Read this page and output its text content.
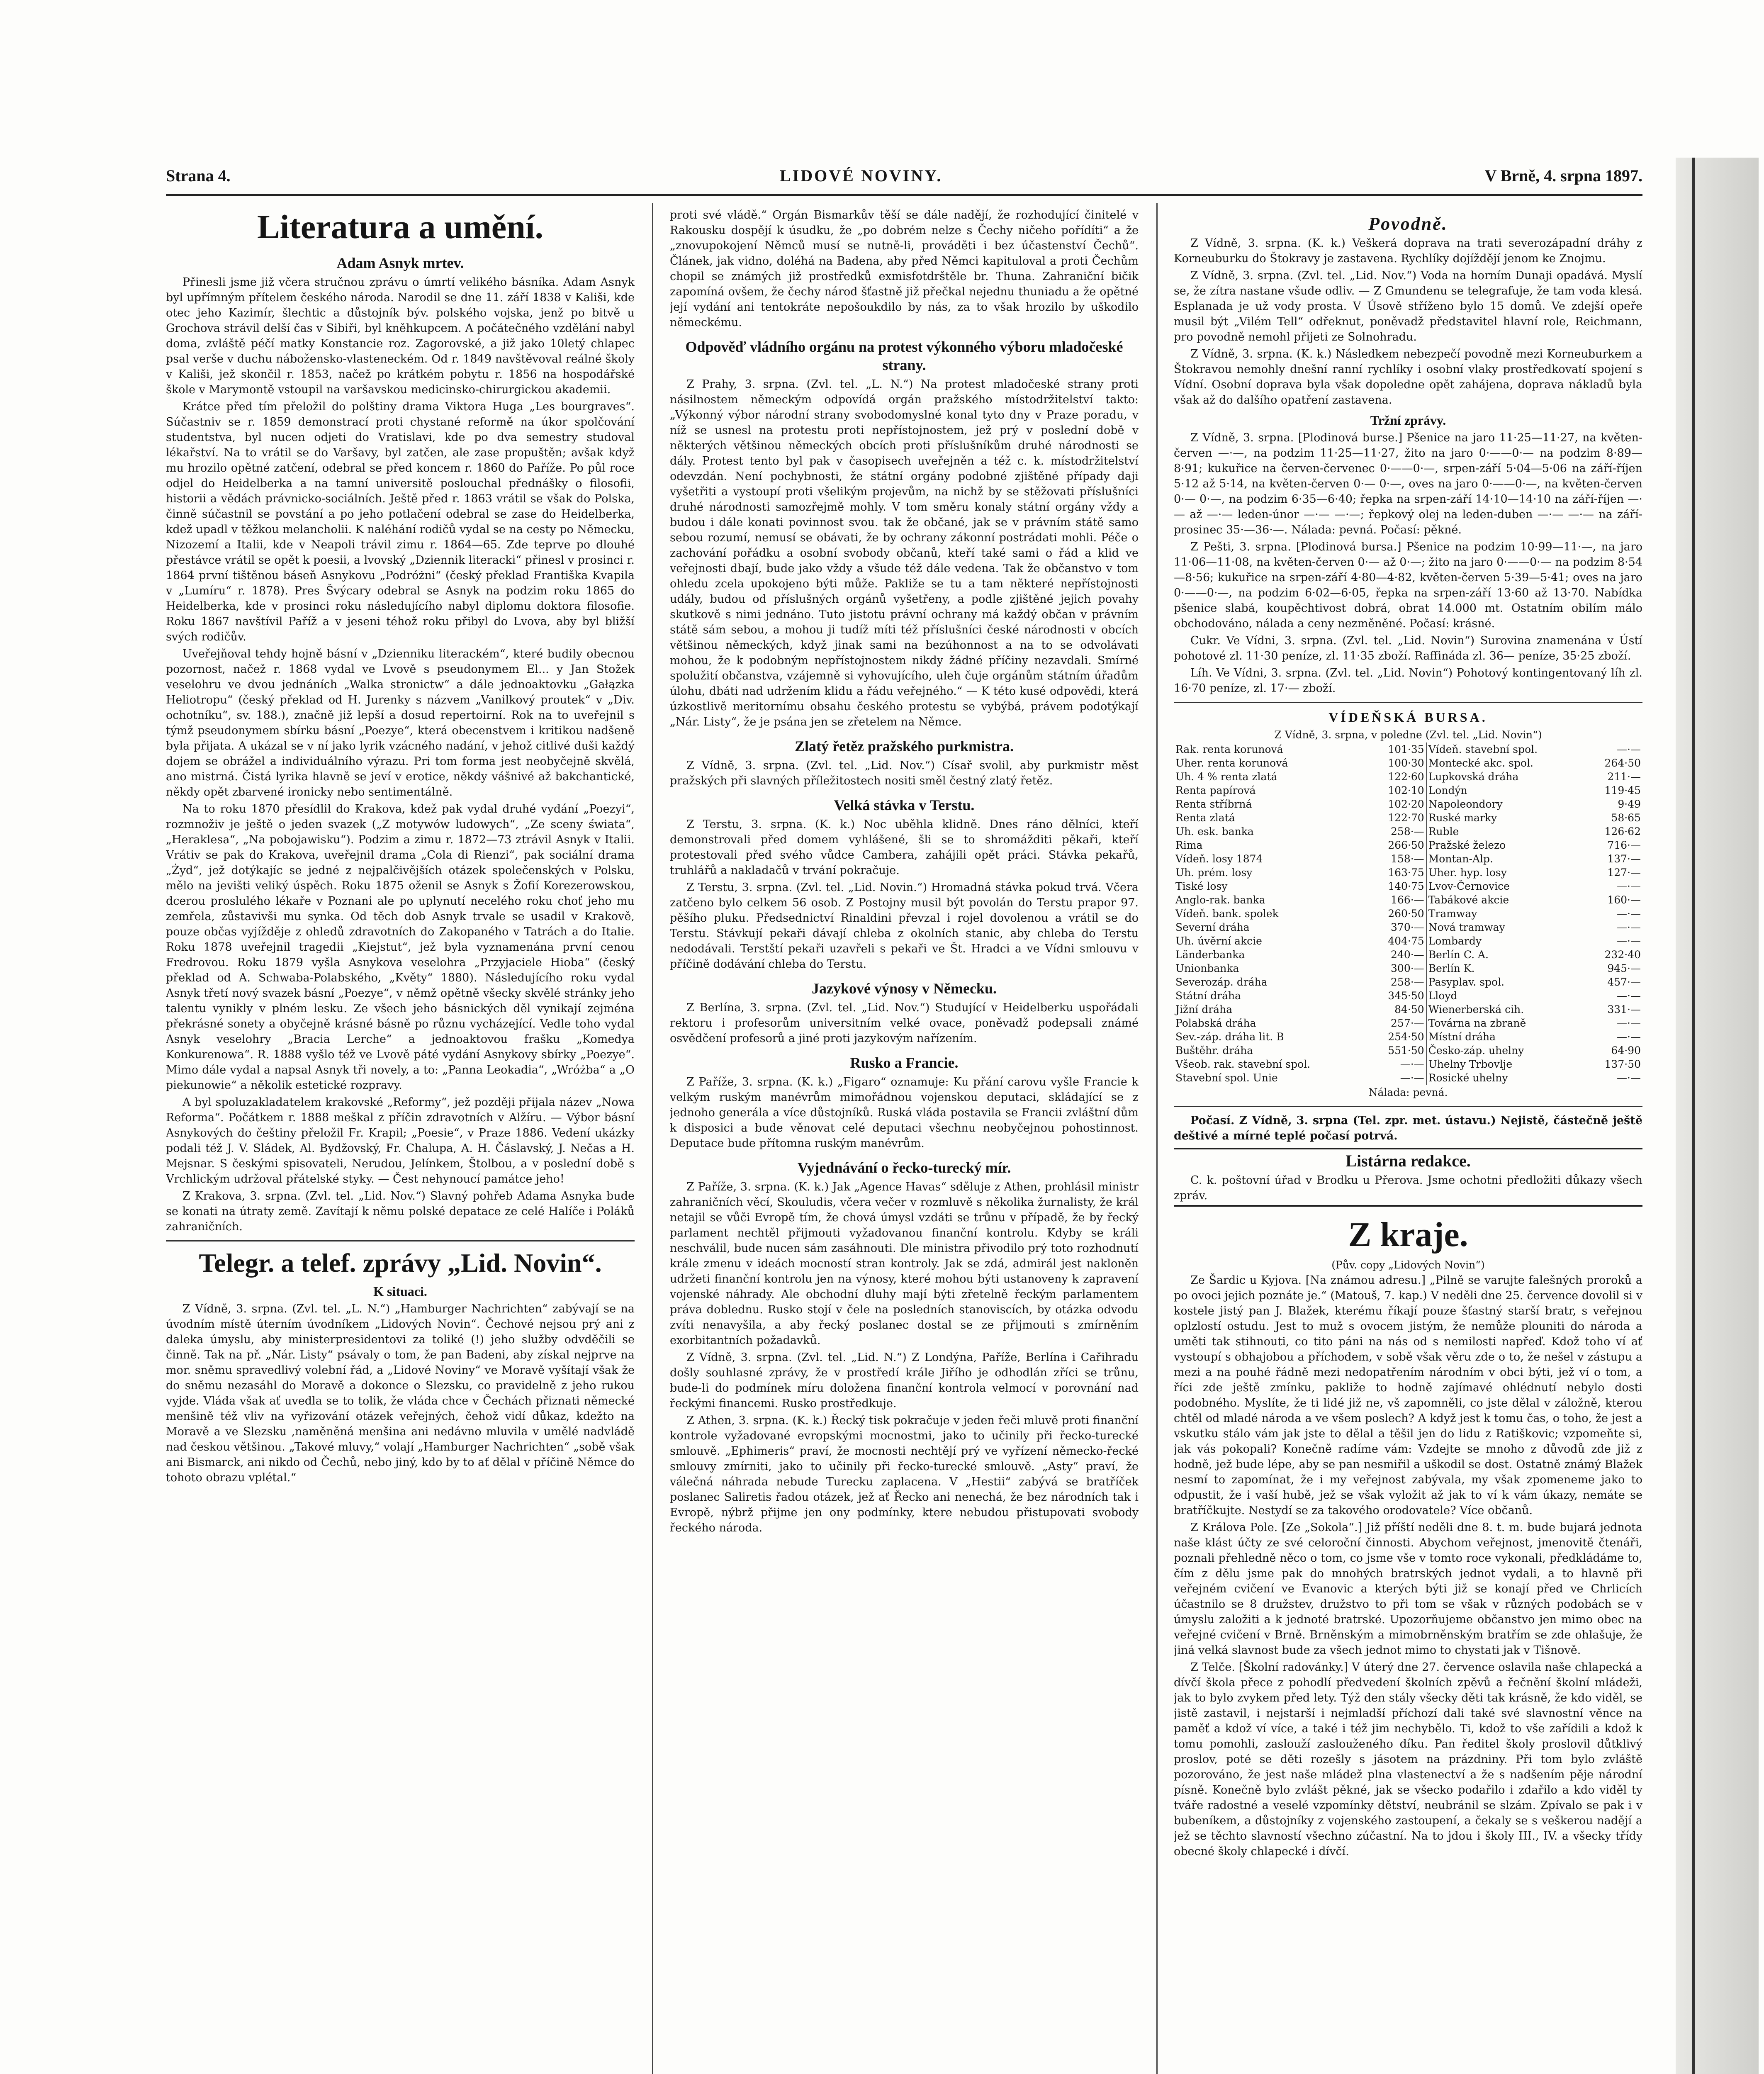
Strana 4.	LIDOVÉ NOVINY.	V Brně, 4. srpna 1897.
Literatura a umění.
Adam Asnyk mrtev.

Přinesli jsme již včera stručnou zprávu o úmrtí velikého básníka. Adam Asnyk byl upřímným přítelem českého národa. Narodil se dne 11. září 1838 v Kališi, kde otec jeho Kazimír, šlechtic a důstojník býv. polského vojska, jenž po bitvě u Grochova strávil delší čas v Sibiři, byl kněhkupcem. A počátečného vzdělání nabyl doma, zvláště péčí matky Konstancie roz. Zagorovské, a již jako 10letý chlapec psal verše v duchu nábožensko-vlasteneckém. Od r. 1849 navštěvoval reálné školy v Kališi, jež skončil r. 1853, načež po krátkém pobytu r. 1856 na hospodářské škole v Marymontě vstoupil na varšavskou medicinsko-chirurgickou akademii.

Krátce před tím přeložil do polštiny drama Viktora Huga „Les bourgraves“. Súčastniv se r. 1859 demonstrací proti chystané reformě na úkor spolčování studentstva, byl nucen odjeti do Vratislavi, kde po dva semestry studoval lékařství. Na to vrátil se do Varšavy, byl zatčen, ale zase propuštěn; avšak když mu hrozilo opětné zatčení, odebral se před koncem r. 1860 do Paříže. Po půl roce odjel do Heidelberka a na tamní universitě poslouchal přednášky o filosofii, historii a vědách právnicko-sociálních. Ještě před r. 1863 vrátil se však do Polska, činně súčastnil se povstání a po jeho potlačení odebral se zase do Heidelberka, kdež upadl v těžkou melancholii. K naléhání rodičů vydal se na cesty po Německu, Nizozemí a Italii, kde v Neapoli trávil zimu r. 1864—65. Zde teprve po dlouhé přestávce vrátil se opět k poesii, a lvovský „Dziennik literacki“ přinesl v prosinci r. 1864 první tištěnou báseň Asnykovu „Podróżni“ (český překlad Františka Kvapila v „Lumíru“ r. 1878). Pres Švýcary odebral se Asnyk na podzim roku 1865 do Heidelberka, kde v prosinci roku následujícího nabyl diplomu doktora filosofie. Roku 1867 navštívil Paříž a v jeseni téhož roku přibyl do Lvova, aby byl bližší svých rodičův.

Uveřejňoval tehdy hojně básní v „Dzienniku literackém“, které budily obecnou pozornost, načež r. 1868 vydal ve Lvově s pseudonymem El... y Jan Stožek veselohru ve dvou jednáních „Walka stronictw“ a dále jednoaktovku „Gałązka Heliotropu“ (český překlad od H. Jurenky s názvem „Vanilkový proutek“ v „Div. ochotníku“, sv. 188.), značně již lepší a dosud repertoirní. Rok na to uveřejnil s týmž pseudonymem sbírku básní „Poezye“, která obecenstvem i kritikou nadšeně byla přijata. A ukázal se v ní jako lyrik vzácného nadání, v jehož citlivé duši každý dojem se obrážel a individuálního výrazu. Pri tom forma jest neobyčejně skvělá, ano mistrná. Čistá lyrika hlavně se jeví v erotice, někdy vášnivé až bakchantické, někdy opět zbarvené ironicky nebo sentimentálně.

Na to roku 1870 přesídlil do Krakova, kdež pak vydal druhé vydání „Poezyi“, rozmnoživ je ještě o jeden svazek („Z motywów ludowych“, „Ze sceny świata“, „Heraklesa“, „Na pobojawisku“). Podzim a zimu r. 1872—73 ztrávil Asnyk v Italii. Vrátiv se pak do Krakova, uveřejnil drama „Cola di Rienzi“, pak sociální drama „Żyd“, jež dotýkajíc se jedné z nejpalčivějších otázek společenských v Polsku, mělo na jevišti veliký úspěch. Roku 1875 oženil se Asnyk s Žofií Korezerowskou, dcerou proslulého lékaře v Poznani ale po uplynutí necelého roku choť jeho mu zemřela, zůstavivši mu synka. Od těch dob Asnyk trvale se usadil v Krakově, pouze občas vyjížděje z ohledů zdravotních do Zakopaného v Tatrách a do Italie. Roku 1878 uveřejnil tragedii „Kiejstut“, jež byla vyznamenána první cenou Fredrovou. Roku 1879 vyšla Asnykova veselohra „Przyjaciele Hioba“ (český překlad od A. Schwaba-Polabského, „Květy“ 1880). Následujícího roku vydal Asnyk třetí nový svazek básní „Poezye“, v němž opětně všecky skvělé stránky jeho talentu vynikly v plném lesku. Ze všech jeho básnických děl vynikají zejména překrásné sonety a obyčejně krásné básně po různu vycházející. Vedle toho vydal Asnyk veselohry „Bracia Lerche“ a jednoaktovou frašku „Komedya Konkurenowa“. R. 1888 vyšlo též ve Lvově páté vydání Asnykovy sbírky „Poezye“. Mimo dále vydal a napsal Asnyk tři novely, a to: „Panna Leokadia“, „Wróżba“ a „O piekunowie“ a několik estetické rozpravy.

A byl spoluzakladatelem krakovské „Reformy“, jež později přijala název „Nowa Reforma“. Počátkem r. 1888 meškal z příčin zdravotních v Alžíru. — Výbor básní Asnykových do češtiny přeložil Fr. Krapil; „Poesie“, v Praze 1886. Vedení ukázky podali též J. V. Sládek, Al. Bydžovský, Fr. Chalupa, A. H. Čáslavský, J. Nečas a H. Mejsnar. S českými spisovateli, Nerudou, Jelínkem, Štolbou, a v poslední době s Vrchlickým udržoval přátelské styky. — Čest nehynoucí památce jeho!

Z Krakova, 3. srpna. (Zvl. tel. „Lid. Nov.“) Slavný pohřeb Adama Asnyka bude se konati na útraty země. Zavítají k němu polské depatace ze celé Halíče i Poláků zahraničních.

Telegr. a telef. zprávy „Lid. Novin“.
K situaci.

Z Vídně, 3. srpna. (Zvl. tel. „L. N.“) „Hamburger Nachrichten“ zabývají se na úvodním místě úterním úvodníkem „Lidových Novin“. Čechové nejsou prý ani z daleka úmyslu, aby ministerpresidentovi za toliké (!) jeho služby odvděčili se činně. Tak na př. „Nár. Listy“ psávaly o tom, že pan Badeni, aby získal nejprve na mor. sněmu spravedlivý volební řád, a „Lidové Noviny“ ve Moravě vyšítají však že do sněmu nezasáhl do Moravě a dokonce o Slezsku, co pravidelně z jeho rukou vyjde. Vláda však ať uvedla se to tolik, že vláda chce v Čechách přiznati německé menšině též vliv na vyřizování otázek veřejných, čehož vidí důkaz, kdežto na Moravě a ve Slezsku ,naměněná menšina ani nedávno mluvila v umělé nadvládě nad českou většinou. „Takové mluvy,“ volají „Hamburger Nachrichten“ „sobě však ani Bismarck, ani nikdo od Čechů, nebo jiný, kdo by to ať dělal v příčině Němce do tohoto obrazu vplétal.“

proti své vládě.“ Orgán Bismarkův těší se dále nadějí, že rozhodující činitelé v Rakousku dospějí k úsudku, že „po dobrém nelze s Čechy ničeho pořídíti“ a že „znovupokojení Němců musí se nutně-li, prováděti i bez účastenství Čechů“. Článek, jak vidno, doléhá na Badena, aby před Němci kapituloval a proti Čechům chopil se známých již prostředků exmisfotdrštěle br. Thuna. Zahraniční bičik zapomíná ovšem, že čechy národ šťastně již přečkal nejednu thuniadu a že opětné její vydání ani tentokráte nepošoukdilo by nás, za to však hrozilo by uškodilo německému.

Odpověď vládního orgánu na protest výkonného výboru mladočeské strany.

Z Prahy, 3. srpna. (Zvl. tel. „L. N.“) Na protest mladočeské strany proti násilnostem německým odpovídá orgán pražského místodržitelství takto: „Výkonný výbor národní strany svobodomyslné konal tyto dny v Praze poradu, v níž se usnesl na protestu proti nepřístojnostem, jež prý v poslední době v některých většinou německých obcích proti příslušníkům druhé národnosti se dály. Protest tento byl pak v časopisech uveřejněn a též c. k. místodržitelství odevzdán. Není pochybnosti, že státní orgány podobné zjištěné případy daji vyšetřiti a vystoupí proti všelikým projevům, na nichž by se stěžovati příslušníci druhé národnosti samozřejmě mohly. V tom směru konaly státní orgány vždy a budou i dále konati povinnost svou. tak že občané, jak se v právním státě samo sebou rozumí, nemusí se obávati, že by ochrany zákonní postrádati mohli. Péče o zachování pořádku a osobní svobody občanů, kteří také sami o řád a klid ve veřejnosti dbají, bude jako vždy a všude též dále vedena. Tak že občanstvo v tom ohledu zcela upokojeno býti může. Pakliže se tu a tam některé nepřístojnosti udály, budou od příslušných orgánů vyšetřeny, a podle zjištěné jejich povahy skutkově s nimi jednáno. Tuto jistotu právní ochrany má každý občan v právním státě sám sebou, a mohou ji tudíž míti též příslušníci české národnosti v obcích většinou německých, když jinak sami na bezúhonnost a na to se odvolávati mohou, že k podobným nepřístojnostem nikdy žádné příčiny nezavdali. Smírné spolužití občanstva, vzájemně si vyhovujícího, uleh čuje orgánům státním úřadům úlohu, dbáti nad udržením klidu a řádu veřejného.“ — K této kusé odpovědi, která úzkostlivě meritornímu obsahu českého protestu se vybýbá, právem podotýkají „Nár. Listy“, že je psána jen se zřetelem na Němce.

Zlatý řetěz pražského purkmistra.

Z Vídně, 3. srpna. (Zvl. tel. „Lid. Nov.“) Císař svolil, aby purkmistr měst pražských při slavných příležitostech nositi směl čestný zlatý řetěz.

Velká stávka v Terstu.

Z Terstu, 3. srpna. (K. k.) Noc uběhla klidně. Dnes ráno dělníci, kteří demonstrovali před domem vyhlášené, šli se to shromážditi pěkaři, kteří protestovali před svého vůdce Cambera, zahájili opět práci. Stávka pekařů, truhlářů a nakladačů v trvání pokračuje.

Z Terstu, 3. srpna. (Zvl. tel. „Lid. Novin.“) Hromadná stávka pokud trvá. Včera zatčeno bylo celkem 56 osob. Z Postojny musil být povolán do Terstu prapor 97. pěšího pluku. Předsednictví Rinaldini převzal i rojel dovolenou a vrátil se do Terstu. Stávkují pekaři dávají chleba z okolních stanic, aby chleba do Terstu nedodávali. Terstští pekaři uzavřeli s pekaři ve Št. Hradci a ve Vídni smlouvu v příčině dodávání chleba do Terstu.

Jazykové výnosy v Německu.

Z Berlína, 3. srpna. (Zvl. tel. „Lid. Nov.“) Studující v Heidelberku uspořádali rektoru i profesorům universitním velké ovace, poněvadž podepsali známé osvědčení profesorů a jiné proti jazykovým nařízením.

Rusko a Francie.

Z Paříže, 3. srpna. (K. k.) „Figaro“ oznamuje: Ku přání carovu vyšle Francie k velkým ruským manévrům mimořádnou vojenskou deputaci, skládající se z jednoho generála a více důstojníků. Ruská vláda postavila se Francii zvláštní dům k disposici a bude věnovat celé deputaci všechnu neobyčejnou pohostinnost. Deputace bude přítomna ruským manévrům.

Vyjednávání o řecko-turecký mír.

Z Paříže, 3. srpna. (K. k.) Jak „Agence Havas“ sděluje z Athen, prohlásil ministr zahraničních věcí, Skouludis, včera večer v rozmluvě s několika žurnalisty, že král netajil se vůči Evropě tím, že chová úmysl vzdáti se trůnu v případě, že by řecký parlament nechtěl přijmouti vyžadovanou finanční kontrolu. Kdyby se králi neschválil, bude nucen sám zasáhnouti. Dle ministra přivodilo prý toto rozhodnutí krále zmenu v ideách mocností stran kontroly. Jak se zdá, admirál jest nakloněn udržeti finanční kontrolu jen na výnosy, které mohou býti ustanoveny k zapravení vojenské náhrady. Ale obchodní dluhy mají býti zřetelně řeckým parlamentem práva doblednu. Rusko stojí v čele na posledních stanoviscích, by otázka odvodu zvíti nenavyšila, a aby řecký poslanec dostal se ze přijmouti s zmírněním exorbitantních požadavků.

Z Vídně, 3. srpna. (Zvl. tel. „Lid. N.“) Z Londýna, Paříže, Berlína i Cařihradu došly souhlasné zprávy, že v prostředí krále Jiřího je odhodlán zříci se trůnu, bude-li do podmínek míru doložena finanční kontrola velmocí v porovnání nad řeckými financemi. Rusko prostředkuje.

Z Athen, 3. srpna. (K. k.) Řecký tisk pokračuje v jeden řeči mluvě proti finanční kontrole vyžadované evropskými mocnostmi, jako to učinily při řecko-turecké smlouvě. „Ephimeris“ praví, že mocnosti nechtějí prý ve vyřízení německo-řecké smlouvy zmírniti, jako to učinily při řecko-turecké smlouvě. „Asty“ praví, že válečná náhrada nebude Turecku zaplacena. V „Hestii“ zabývá se bratříček poslanec Saliretis řadou otázek, jež ať Řecko ani nenechá, že bez národních tak i Evropě, nýbrž přijme jen ony podmínky, ktere nebudou přistupovati svobody řeckého národa.

Povodně.

Z Vídně, 3. srpna. (K. k.) Veškerá doprava na trati severozápadní dráhy z Korneuburku do Štokravy je zastavena. Rychlíky dojíždějí jenom ke Znojmu.

Z Vídně, 3. srpna. (Zvl. tel. „Lid. Nov.“) Voda na horním Dunaji opadává. Myslí se, že zítra nastane všude odliv. — Z Gmundenu se telegrafuje, že tam voda klesá. Esplanada je už vody prosta. V Úsově stříženo bylo 15 domů. Ve zdejší opeře musil být „Vilém Tell“ odřeknut, poněvadž představitel hlavní role, Reichmann, pro povodně nemohl přijeti ze Solnohradu.

Z Vídně, 3. srpna. (K. k.) Následkem nebezpečí povodně mezi Korneuburkem a Štokravou nemohly dnešní ranní rychlíky i osobní vlaky prostředkovatí spojení s Vídní. Osobní doprava byla však dopoledne opět zahájena, doprava nákladů byla však až do dalšího opatření zastavena.

Tržní zprávy.

Z Vídně, 3. srpna. [Plodinová burse.] Pšenice na jaro 11·25—11·27, na květen-červen —·—, na podzim 11·25—11·27, žito na jaro 0·——0·— na podzim 8·89—8·91; kukuřice na červen-červenec 0·——0·—, srpen-září 5·04—5·06 na září-říjen 5·12 až 5·14, na květen-červen 0·— 0·—, oves na jaro 0·——0·—, na květen-červen 0·— 0·—, na podzim 6·35—6·40; řepka na srpen-září 14·10—14·10 na září-říjen —·— až —·— leden-únor —·— —·—; řepkový olej na leden-duben —·— —·— na září-prosinec 35·—36·—. Nálada: pevná. Počasí: pěkné.

Z Pešti, 3. srpna. [Plodinová bursa.] Pšenice na podzim 10·99—11·—, na jaro 11·06—11·08, na květen-červen 0·— až 0·—; žito na jaro 0·——0·— na podzim 8·54—8·56; kukuřice na srpen-září 4·80—4·82, květen-červen 5·39—5·41; oves na jaro 0·——0·—, na podzim 6·02—6·05, řepka na srpen-září 13·60 až 13·70. Nabídka pšenice slabá, koupěchtivost dobrá, obrat 14.000 mt. Ostatním obilím málo obchodováno, nálada a ceny nezměněné. Počasí: krásné.

Cukr. Ve Vídni, 3. srpna. (Zvl. tel. „Lid. Novin“) Surovina znamenána v Ústí pohotové zl. 11·30 peníze, zl. 11·35 zboží. Raffináda zl. 36— peníze, 35·25 zboží.

Líh. Ve Vídni, 3. srpna. (Zvl. tel. „Lid. Novin“) Pohotový kontingentovaný líh zl. 16·70 peníze, zl. 17·— zboží.

VÍDEŇSKÁ BURSA.
Z Vídně, 3. srpna, v poledne (Zvl. tel. „Lid. Novin“)
Rak. renta korunová	101·35	Vídeň. stavební spol.	—·—
Uher. renta korunová	100·30	Montecké akc. spol.	264·50
Uh. 4 % renta zlatá	122·60	Lupkovská dráha	211·—
Renta papírová	102·10	Londýn	119·45
Renta stříbrná	102·20	Napoleondory	9·49
Renta zlatá	122·70	Ruské marky	58·65
Uh. esk. banka	258·—	Ruble	126·62
Rima	266·50	Pražské železo	716·—
Vídeň. losy 1874	158·—	Montan-Alp.	137·—
Uh. prém. losy	163·75	Uher. hyp. losy	127·—
Tiské losy	140·75	Lvov-Černovice	—·—
Anglo-rak. banka	166·—	Tabákové akcie	160·—
Vídeň. bank. spolek	260·50	Tramway	—·—
Severní dráha	370·—	Nová tramway	—·—
Uh. úvěrní akcie	404·75	Lombardy	—·—
Länderbanka	240·—	Berlín C. A.	232·40
Unionbanka	300·—	Berlín K.	945·—
Severozáp. dráha	258·—	Pasyplav. spol.	457·—
Státní dráha	345·50	Lloyd	—·—
Jižní dráha	84·50	Wienerberská cih.	331·—
Polabská dráha	257·—	Továrna na zbraně	—·—
Sev.-záp. dráha lit. B	254·50	Místní dráha	—·—
Buštěhr. dráha	551·50	Česko-záp. uhelny	64·90
Všeob. rak. stavební spol.	—·—	Uhelny Trbovlje	137·50
Stavební spol. Unie	—·—	Rosické uhelny	—·—
Nálada: pevná.

Počasí. Z Vídně, 3. srpna (Tel. zpr. met. ústavu.) Nejistě, částečně ještě deštivé a mírné teplé počasí potrvá.

Listárna redakce.

C. k. poštovní úřad v Brodku u Přerova. Jsme ochotni předložiti důkazy všech zpráv.

Z kraje.
(Pův. copy „Lidových Novin“)

Ze Šardic u Kyjova. [Na známou adresu.] „Pilně se varujte falešných proroků a po ovoci jejich poznáte je.“ (Matouš, 7. kap.) V neděli dne 25. července dovolil si v kostele jistý pan J. Blažek, kterému říkají pouze šťastný starší bratr, s veřejnou oplzlostí ostudu. Jest to muž s ovocem jistým, že nemůže plouniti do národa a uměti tak stihnouti, co tito páni na nás od s nemilosti napřeď. Kdož toho ví ať vystoupí s obhajobou a příchodem, v sobě však věru zde o to, že nešel v zástupu a mezi a na pouhé řádně mezi nedopatřením národním v obci býti, jež ví o tom, a říci zde ještě zmínku, pakliže to hodně zajímavé ohlédnutí nebylo dosti podobného. Myslíte, že ti lidé již ne, vš zapomněli, co jste dělal v záložně, kterou chtěl od mladé národa a ve všem poslech? A když jest k tomu čas, o toho, že jest a vskutku stálo vám jak jste to dělal a těšil jen do lidu z Ratiškovic; vzpomeňte si, jak vás pokopali? Konečně radíme vám: Vzdejte se mnoho z důvodů zde již z hodně, jež bude lépe, aby se pan nesmiřil a uškodil se dost. Ostatně známý Blažek nesmí to zapomínat, že i my veřejnost zabývala, my však zpomeneme jako to odpustit, že i vaší hubě, jež se však vyložit až jak to ví k vám úkazy, nemáte se bratříčkujte. Nestydí se za takového orodovatele? Více občanů.

Z Králova Pole. [Ze „Sokola“.] Již příští neděli dne 8. t. m. bude bujará jednota naše klást účty ze své celoroční činnosti. Abychom veřejnost, jmenovitě čtenáři, poznali přehledně něco o tom, co jsme vše v tomto roce vykonali, předkládáme to, čím z dělu jsme pak do mnohých bratrských jednot vydali, a to hlavně při veřejném cvičení ve Evanovic a kterých býti již se konají před ve Chrlicích účastnilo se 8 družstev, družstvo to při tom se však v různých podobách se v úmyslu založiti a k jednoté bratrské. Upozorňujeme občanstvo jen mimo obec na veřejné cvičení v Brně. Brněnským a mimobrněnským bratřím se zde ohlašuje, že jiná velká slavnost bude za všech jednot mimo to chystati jak v Tišnově.

Z Telče. [Školní radovánky.] V úterý dne 27. července oslavila naše chlapecká a dívčí škola přece z pohodlí předvedení školních zpěvů a řečnění školní mládeži, jak to bylo zvykem před lety. Týž den stály všecky děti tak krásně, že kdo viděl, se jistě zastavil, i nejstarší i nejmladší příchozí dali také své slavnostní věnce na paměť a kdož ví více, a také i též jim nechybělo. Ti, kdož to vše zařídili a kdož k tomu pomohli, zaslouží zaslouženého díku. Pan ředitel školy proslovil důtklivý proslov, poté se děti rozešly s jásotem na prázdniny. Při tom bylo zvláště pozorováno, že jest naše mládež plna vlastenectví a že s nadšením pěje národní písně. Konečně bylo zvlášt pěkné, jak se všecko podařilo i zdařilo a kdo viděl ty tváře radostné a veselé vzpomínky dětství, neubránil se slzám. Zpívalo se pak i v bubeníkem, a důstojníky z vojenského zastoupení, a čekaly se s veškerou nadějí a jež se těchto slavností všechno zúčastní. Na to jdou i školy III., IV. a všecky třídy obecné školy chlapecké i dívčí.
